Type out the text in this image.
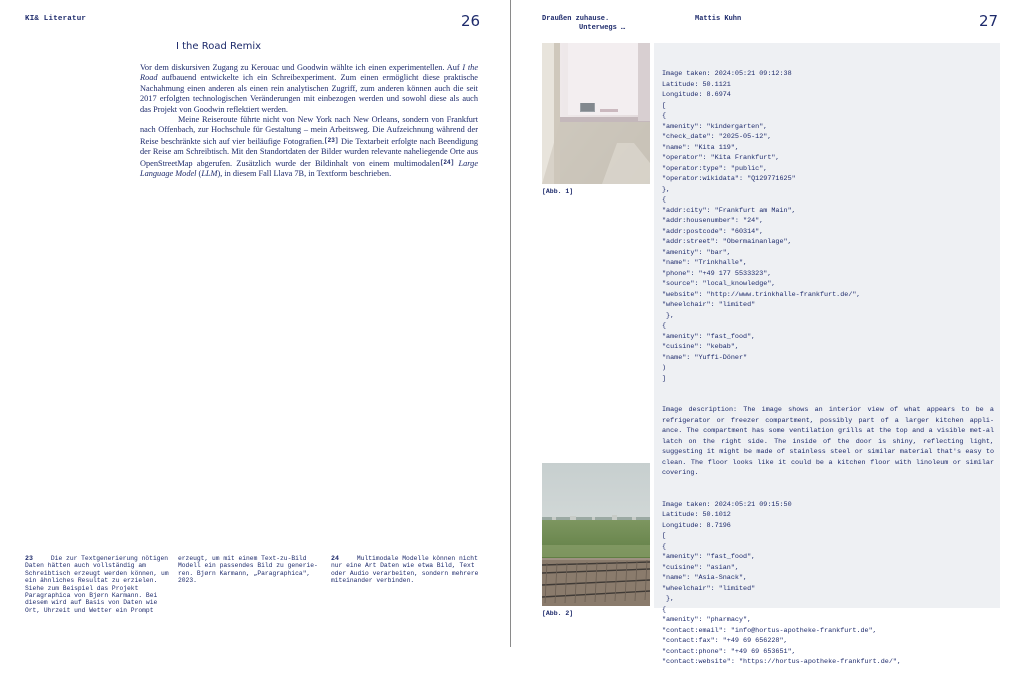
KI& Literatur	26
I the Road Remix

Vor dem diskursiven Zugang zu Kerouac und Goodwin wählte ich einen experimentellen. Auf I the Road aufbauend entwickelte ich ein Schreibexperiment. Zum einen ermöglicht diese praktische Nachahmung einen anderen als einen rein analytischen Zugriff, zum anderen können auch die seit 2017 erfolgten technologischen Veränderungen mit einbezogen werden und sowohl diese als auch das Projekt von Goodwin reflektiert werden.

Meine Reiseroute führte nicht von New York nach New Orleans, sondern von Frankfurt nach Offenbach, zur Hochschule für Gestaltung – mein Arbeitsweg. Die Aufzeichnung während der Reise beschränkte sich auf vier beiläufige Fotografien.[23] Die Textarbeit erfolgte nach Beendigung der Reise am Schreibtisch. Mit den Standortdaten der Bilder wurden relevante naheliegende Orte aus OpenStreetMap abgerufen. Zusätzlich wurde der Bildinhalt von einem multimodalen[24] Large Language Model (LLM), in diesem Fall Llava 7B, in Textform beschrieben.

23	Die zur Textgenerierung nötigen Daten hätten auch vollständig am Schreibtisch erzeugt werden können, um ein ähnliches Resultat zu erzielen. Siehe zum Beispiel das Projekt Paragraphica von Bjørn Karmann. Bei diesem wird auf Basis von Daten wie Ort, Uhrzeit und Wetter ein Prompt
erzeugt, um mit einem Text-zu-Bild Modell ein passendes Bild zu generie-ren. Bjørn Karmann, „Paragraphica", 2023.
24	Multimodale Modelle können nicht nur eine Art Daten wie etwa Bild, Text oder Audio verarbeiten, sondern mehrere miteinander verbinden.
Draußen zuhause.
Unterwegs …
Mattis Kuhn	27
[Abb. 1]
[Abb. 2]

Image taken: 2024:05:21 09:12:38
Latitude: 50.1121
Longitude: 8.6974
[
{
"amenity": "kindergarten",
"check_date": "2025-05-12",
"name": "Kita 119",
"operator": "Kita Frankfurt",
"operator:type": "public",
"operator:wikidata": "Q129771625"
},
{
"addr:city": "Frankfurt am Main",
"addr:housenumber": "24",
"addr:postcode": "60314",
"addr:street": "Obermainanlage",
"amenity": "bar",
"name": "Trinkhalle",
"phone": "+49 177 5533323",
"source": "local_knowledge",
"website": "http://www.trinkhalle-frankfurt.de/",
"wheelchair": "limited"
},
{
"amenity": "fast_food",
"cuisine": "kebab",
"name": "Yuffi-Döner"
)
]

Image description: The image shows an interior view of what appears to be a refrigerator or freezer compartment, possibly part of a larger kitchen appli-ance. The compartment has some ventilation grills at the top and a visible met-al latch on the right side. The inside of the door is shiny, reflecting light, suggesting it might be made of stainless steel or similar material that's easy to clean. The floor looks like it could be a kitchen floor with linoleum or similar covering.

Image taken: 2024:05:21 09:15:50
Latitude: 50.1012
Longitude: 8.7196
[
{
"amenity": "fast_food",
"cuisine": "asian",
"name": "Asia-Snack",
"wheelchair": "limited"
},
{
"amenity": "pharmacy",
"contact:email": "info@hortus-apotheke-frankfurt.de",
"contact:fax": "+49 69 656228",
"contact:phone": "+49 69 653651",
"contact:website": "https://hortus-apotheke-frankfurt.de/",
